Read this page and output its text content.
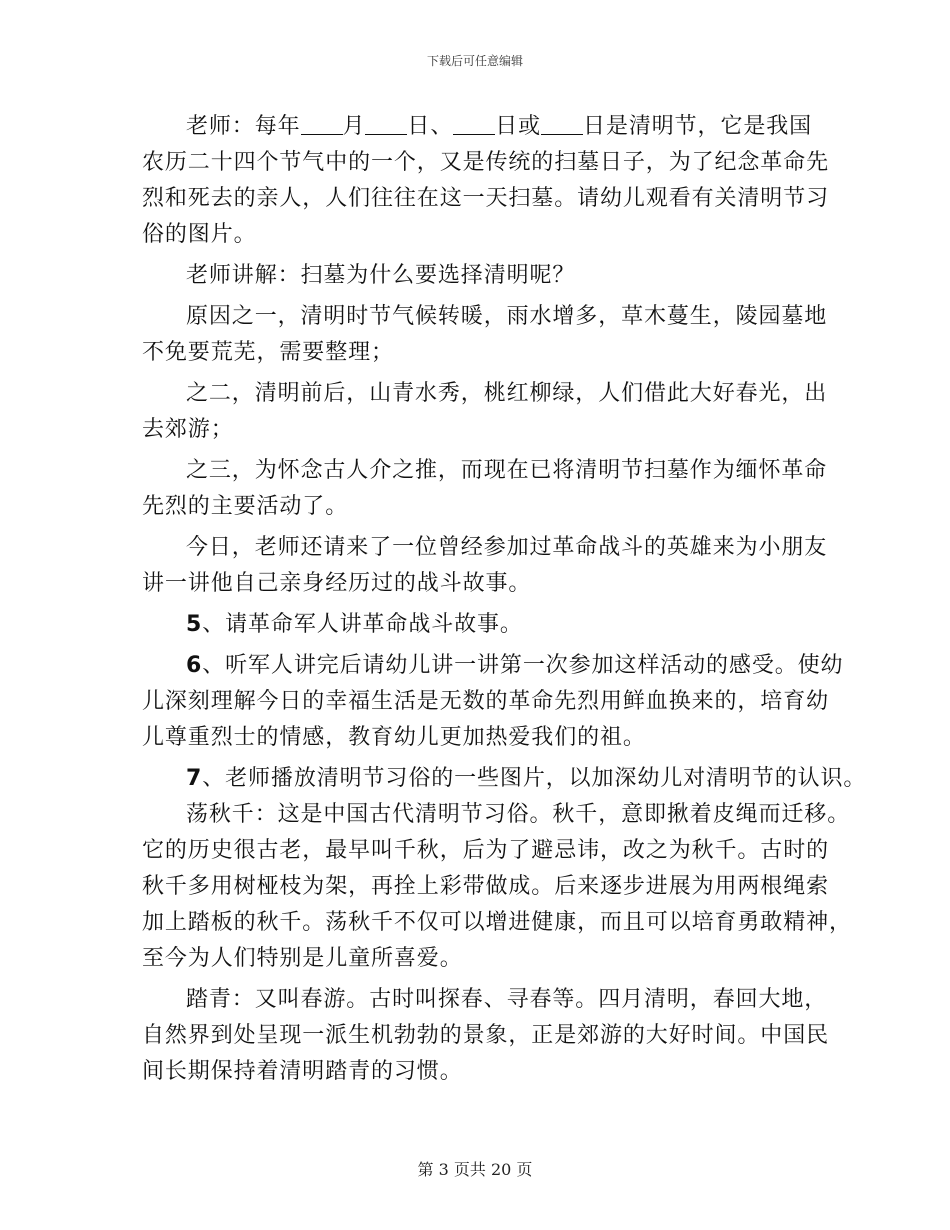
下载后可任意编辑
老师：每年 月 日、 日或 日是清明节，它是我国
农历二十四个节气中的一个，又是传统的扫墓日子，为了纪念革命先
烈和死去的亲人，人们往往在这一天扫墓。请幼儿观看有关清明节习
俗的图片。
老师讲解：扫墓为什么要选择清明呢？
原因之一，清明时节气候转暖，雨水增多，草木蔓生，陵园墓地
不免要荒芜，需要整理；
之二，清明前后，山青水秀，桃红柳绿，人们借此大好春光，出
去郊游；
之三，为怀念古人介之推，而现在已将清明节扫墓作为缅怀革命
先烈的主要活动了。
今日，老师还请来了一位曾经参加过革命战斗的英雄来为小朋友
讲一讲他自己亲身经历过的战斗故事。
5、请革命军人讲革命战斗故事。
6、听军人讲完后请幼儿讲一讲第一次参加这样活动的感受。使幼
儿深刻理解今日的幸福生活是无数的革命先烈用鲜血换来的，培育幼
儿尊重烈士的情感，教育幼儿更加热爱我们的祖。
7、老师播放清明节习俗的一些图片，以加深幼儿对清明节的认识。
荡秋千：这是中国古代清明节习俗。秋千，意即揪着皮绳而迁移。
它的历史很古老，最早叫千秋，后为了避忌讳，改之为秋千。古时的
秋千多用树桠枝为架，再拴上彩带做成。后来逐步进展为用两根绳索
加上踏板的秋千。荡秋千不仅可以增进健康，而且可以培育勇敢精神，
至今为人们特别是儿童所喜爱。
踏青：又叫春游。古时叫探春、寻春等。四月清明，春回大地，
自然界到处呈现一派生机勃勃的景象，正是郊游的大好时间。中国民
间长期保持着清明踏青的习惯。
第 3 页共 20 页
